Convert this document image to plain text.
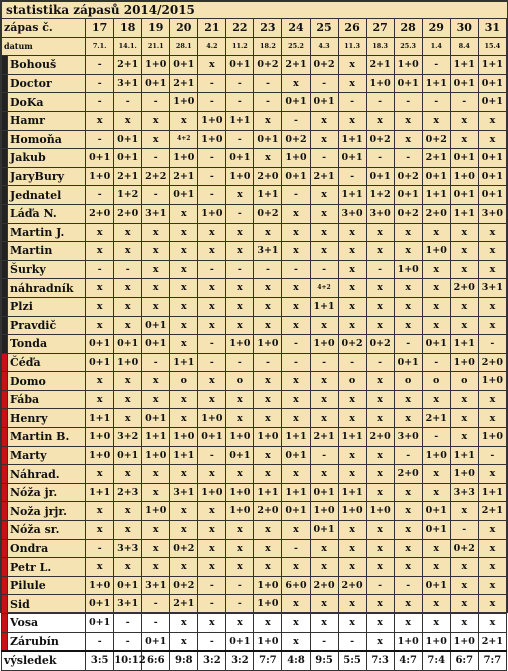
statistika zápasů 2014/2015																
zápas č.		17	18	19	20	21	22	23	24	25	26	27	28	29	30	31
datum		7.1.	14.1.	21.1	28.1	4.2	11.2	18.2	25.2	4.3	11.3	18.3	25.3	1.4	8.4	15.4
	Bohouš	-	2+1	1+0	0+1	x	0+1	0+2	2+1	0+2	x	2+1	1+0	-	1+1	1+1
	Doctor	-	3+1	0+1	2+1	-	-	-	x	-	x	1+0	0+1	1+1	0+1	0+1
	DoKa	-	-	-	1+0	-	-	-	0+1	0+1	-	-	-	-	-	0+1
	Hamr	x	x	x	x	1+0	1+1	x	-	x	x	x	x	x	x	x
	Homoňa	-	0+1	x	4+2	1+0	-	0+1	0+2	x	1+1	0+2	x	0+2	x	x
	Jakub	0+1	0+1	-	1+0	-	0+1	x	1+0	-	0+1	-	-	2+1	0+1	0+1
	JaryBury	1+0	2+1	2+2	2+1	-	1+0	2+0	0+1	2+1	-	0+1	0+2	0+1	1+0	0+1
	Jednatel	-	1+2	-	0+1	-	x	1+1	-	x	1+1	1+2	0+1	1+1	0+1	0+1
	Láďa N.	2+0	2+0	3+1	x	1+0	-	0+2	x	x	3+0	3+0	0+2	2+0	1+1	3+0
	Martin J.	x	x	x	x	x	x	x	x	x	x	x	x	x	x	x
	Martin	x	x	x	x	x	x	3+1	x	x	x	x	x	1+0	x	x
	Šurky	-	-	x	x	-	-	-	-	-	x	-	1+0	x	x	x
	náhradník	x	x	x	x	x	x	x	x	4+2	x	x	x	x	2+0	3+1
	Plzi	x	x	x	x	x	x	x	x	1+1	x	x	x	x	x	x
	Pravdič	x	x	0+1	x	x	x	x	x	x	x	x	x	x	x	x
	Tonda	0+1	0+1	0+1	x	-	1+0	1+0	-	1+0	0+2	0+2	-	0+1	1+1	-
	Čéďa	0+1	1+0	-	1+1	-	-	-	-	-	-	-	0+1	-	1+0	2+0
	Domo	x	x	x	o	x	o	x	x	x	o	x	o	o	o	1+0
	Fába	x	x	x	x	x	x	x	x	x	x	x	x	x	x	x
	Henry	1+1	x	0+1	x	1+0	x	x	x	x	x	x	x	2+1	x	x
	Martin B.	1+0	3+2	1+1	1+0	0+1	1+0	1+0	1+1	2+1	1+1	2+0	3+0	-	x	1+0
	Marty	1+0	0+1	1+0	1+1	-	0+1	x	0+1	-	x	x	-	1+0	1+1	-
	Náhrad.	x	x	x	x	x	x	x	x	x	x	x	2+0	x	1+0	x
	Nóža jr.	1+1	2+3	x	3+1	1+0	1+0	1+1	1+1	0+1	1+1	x	x	x	3+3	1+1
	Noža jrjr.	x	x	1+0	x	x	1+0	2+0	0+1	1+0	1+0	1+0	x	0+1	x	2+1
	Nóža sr.	x	x	x	x	x	x	x	x	0+1	x	x	x	0+1	-	x
	Ondra	-	3+3	x	0+2	x	x	x	-	x	x	x	x	x	0+2	x
	Petr L.	x	x	x	x	x	x	x	x	x	x	x	x	x	x	x
	Pilule	1+0	0+1	3+1	0+2	-	-	1+0	6+0	2+0	2+0	-	-	0+1	x	x
	Sid	0+1	3+1	-	2+1	-	-	1+0	x	x	x	x	x	x	x	x
	Vosa	0+1	-	-	x	x	x	x	x	x	x	x	x	x	x	x
	Zárubín	-	-	0+1	x	-	0+1	1+0	x	-	-	x	1+0	1+0	1+0	2+1
výsledek		3:5	10:12	6:6	9:8	3:2	3:2	7:7	4:8	9:5	5:5	7:3	4:7	7:4	6:7	7:7
